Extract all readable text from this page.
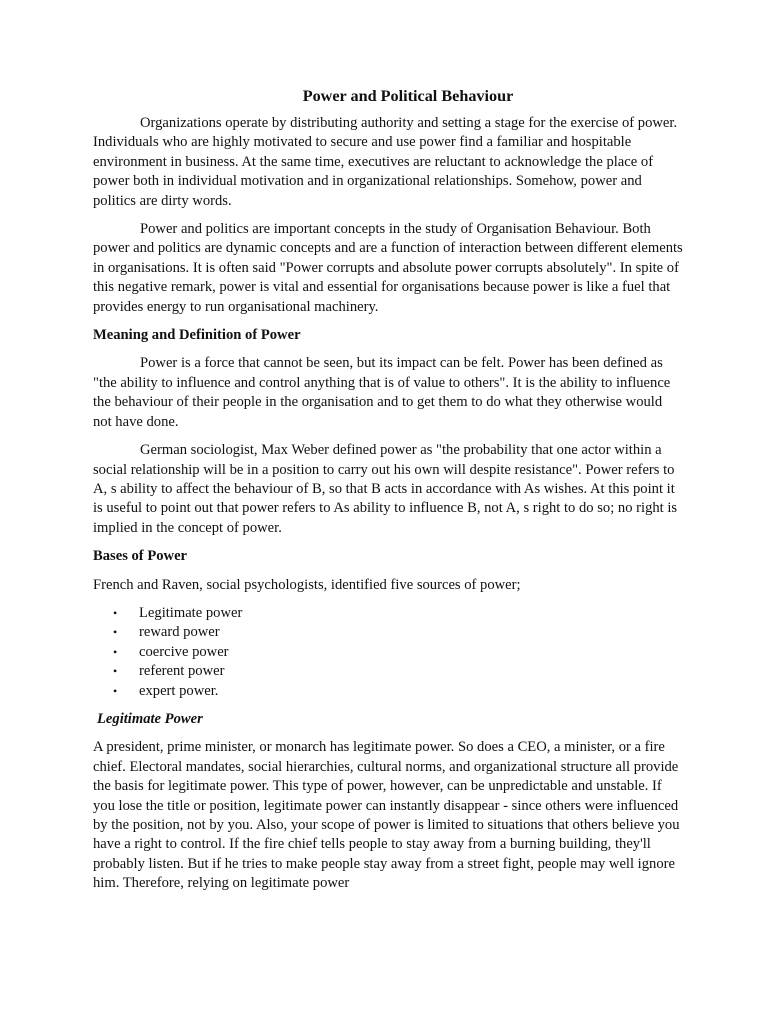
Power and Political Behaviour

Organizations operate by distributing authority and setting a stage for the exercise of power. Individuals who are highly motivated to secure and use power find a familiar and hospitable environment in business. At the same time, executives are reluctant to acknowledge the place of power both in individual motivation and in organizational relationships. Somehow, power and politics are dirty words.

Power and politics are important concepts in the study of Organisation Behaviour. Both power and politics are dynamic concepts and are a function of interaction between different elements in organisations. It is often said "Power corrupts and absolute power corrupts absolutely". In spite of this negative remark, power is vital and essential for organisations because power is like a fuel that provides energy to run organisational machinery.

Meaning and Definition of Power

Power is a force that cannot be seen, but its impact can be felt. Power has been defined as "the ability to influence and control anything that is of value to others". It is the ability to influence the behaviour of their people in the organisation and to get them to do what they otherwise would not have done.

German sociologist, Max Weber defined power as "the probability that one actor within a social relationship will be in a position to carry out his own will despite resistance". Power refers to A, s ability to affect the behaviour of B, so that B acts in accordance with As wishes. At this point it is useful to point out that power refers to As ability to influence B, not A, s right to do so; no right is implied in the concept of power.

Bases of Power

French and Raven, social psychologists, identified five sources of power;

• Legitimate power
• reward power
• coercive power
• referent power
• expert power.
Legitimate Power

A president, prime minister, or monarch has legitimate power. So does a CEO, a minister, or a fire chief. Electoral mandates, social hierarchies, cultural norms, and organizational structure all provide the basis for legitimate power. This type of power, however, can be unpredictable and unstable. If you lose the title or position, legitimate power can instantly disappear - since others were influenced by the position, not by you. Also, your scope of power is limited to situations that others believe you have a right to control. If the fire chief tells people to stay away from a burning building, they'll probably listen. But if he tries to make people stay away from a street fight, people may well ignore him. Therefore, relying on legitimate power
